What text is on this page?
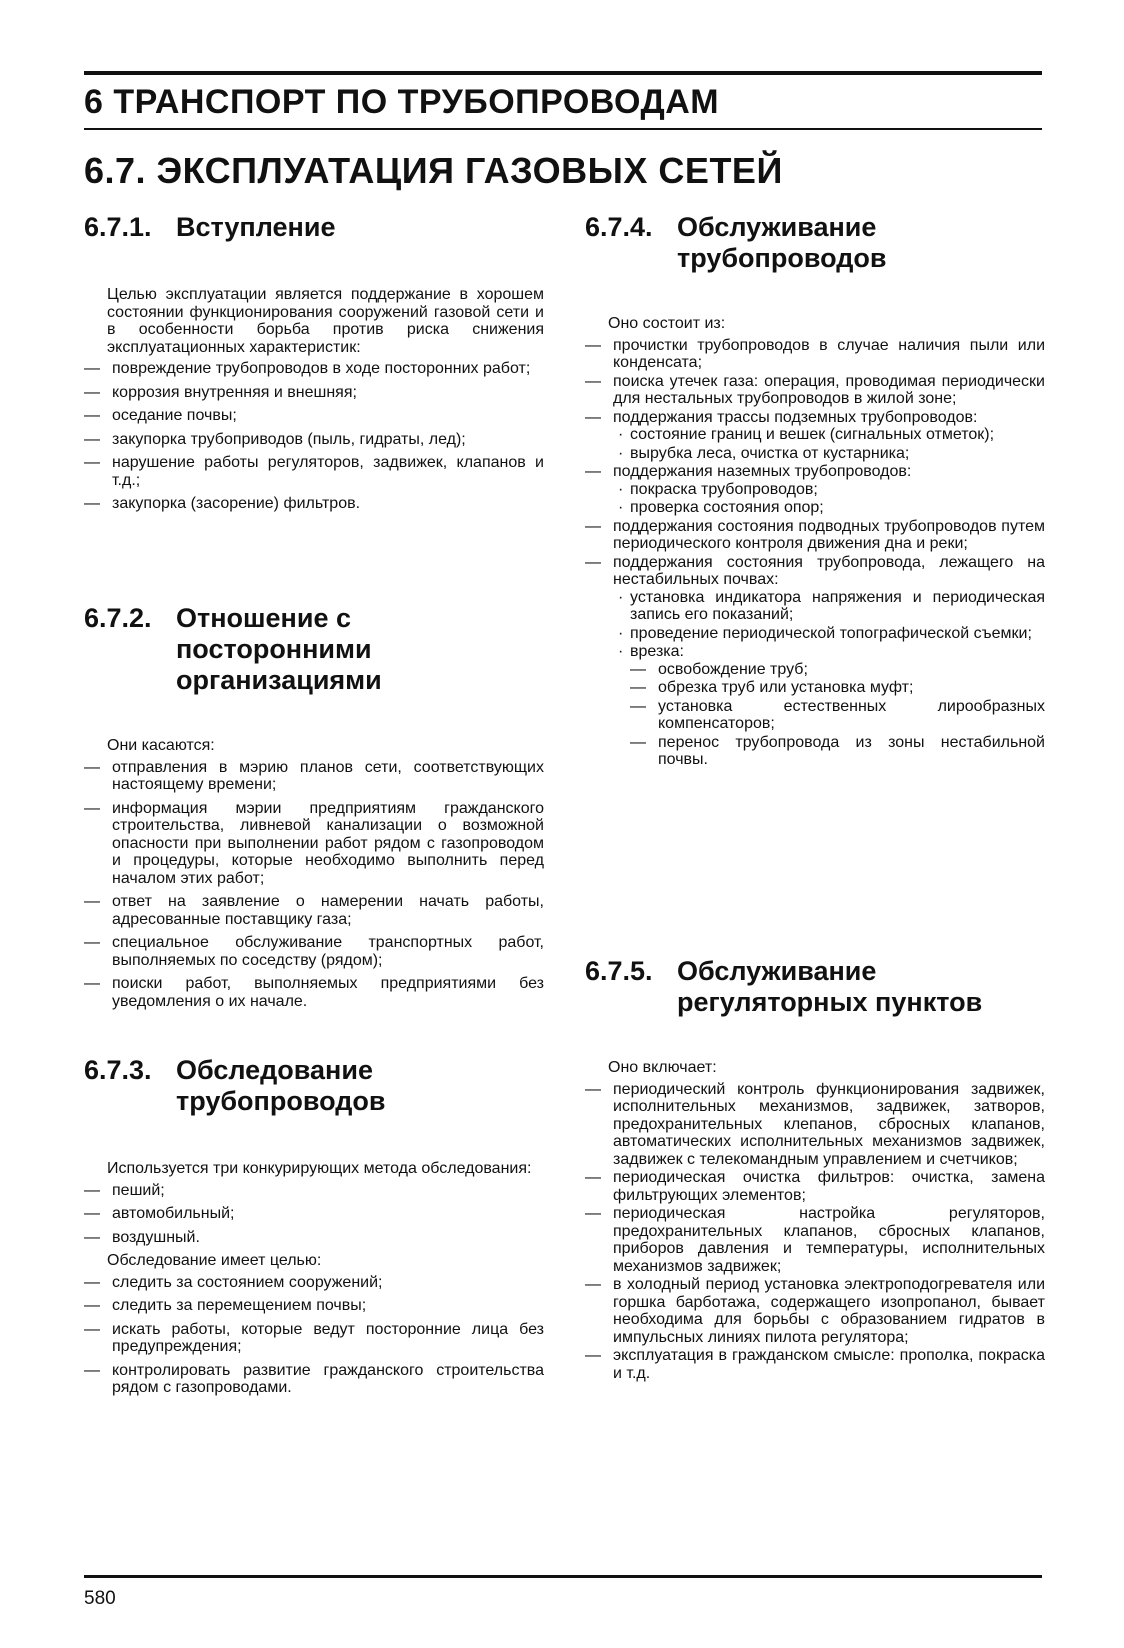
6 ТРАНСПОРТ ПО ТРУБОПРОВОДАМ
6.7. ЭКСПЛУАТАЦИЯ ГАЗОВЫХ СЕТЕЙ
6.7.1. Вступление

Целью эксплуатации является поддержание в хорошем состоянии функционирования сооружений газовой сети и в особенности борьба против риска снижения эксплуатационных характеристик:

— повреждение трубопроводов в ходе посторонних работ;
— коррозия внутренняя и внешняя;
— оседание почвы;
— закупорка трубоприводов (пыль, гидраты, лед);
— нарушение работы регуляторов, задвижек, клапанов и т.д.;
— закупорка (засорение) фильтров.
6.7.2. Отношение с посторонними организациями

Они касаются:

— отправления в мэрию планов сети, соответствующих настоящему времени;
— информация мэрии предприятиям гражданского строительства, ливневой канализации о возможной опасности при выполнении работ рядом с газопроводом и процедуры, которые необходимо выполнить перед началом этих работ;
— ответ на заявление о намерении начать работы, адресованные поставщику газа;
— специальное обслуживание транспортных работ, выполняемых по соседству (рядом);
— поиски работ, выполняемых предприятиями без уведомления о их начале.
6.7.3. Обследование трубопроводов

Используется три конкурирующих метода обследования:

— пеший;
— автомобильный;
— воздушный.

Обследование имеет целью:

— следить за состоянием сооружений;
— следить за перемещением почвы;
— искать работы, которые ведут посторонние лица без предупреждения;
— контролировать развитие гражданского строительства рядом с газопроводами.
6.7.4. Обслуживание трубопроводов

Оно состоит из:

— прочистки трубопроводов в случае наличия пыли или конденсата;
— поиска утечек газа: операция, проводимая периодически для нестальных трубопроводов в жилой зоне;
— поддержания трассы подземных трубопроводов:
· состояние границ и вешек (сигнальных отметок);
· вырубка леса, очистка от кустарника;
— поддержания наземных трубопроводов:
· покраска трубопроводов;
· проверка состояния опор;
— поддержания состояния подводных трубопроводов путем периодического контроля движения дна и реки;
— поддержания состояния трубопровода, лежащего на нестабильных почвах:
· установка индикатора напряжения и периодическая запись его показаний;
· проведение периодической топографической съемки;
· врезка:
— освобождение труб;
— обрезка труб или установка муфт;
— установка естественных лирообразных компенсаторов;
— перенос трубопровода из зоны нестабильной почвы.
6.7.5. Обслуживание регуляторных пунктов

Оно включает:

— периодический контроль функционирования задвижек, исполнительных механизмов, задвижек, затворов, предохранительных клепанов, сбросных клапанов, автоматических исполнительных механизмов задвижек, задвижек с телекомандным управлением и счетчиков;
— периодическая очистка фильтров: очистка, замена фильтрующих элементов;
— периодическая настройка регуляторов, предохранительных клапанов, сбросных клапанов, приборов давления и температуры, исполнительных механизмов задвижек;
— в холодный период установка электроподогревателя или горшка барботажа, содержащего изопропанол, бывает необходима для борьбы с образованием гидратов в импульсных линиях пилота регулятора;
— эксплуатация в гражданском смысле: прополка, покраска и т.д.
580
